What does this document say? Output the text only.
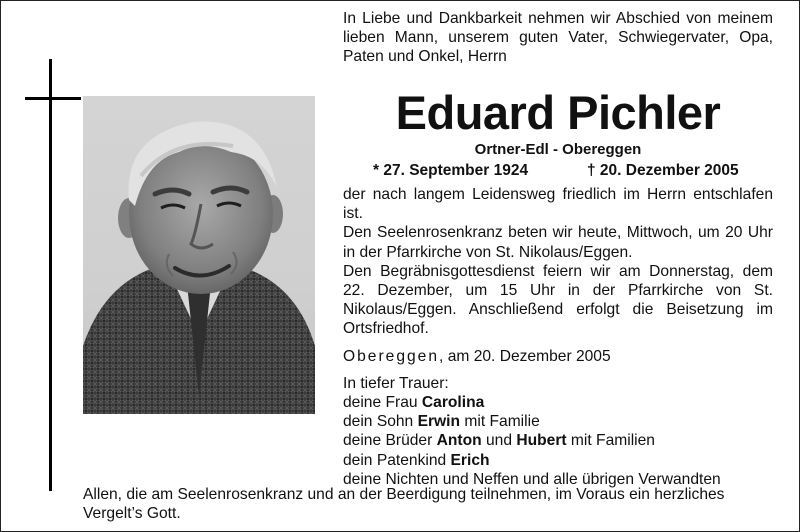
In Liebe und Dankbarkeit nehmen wir Abschied von meinem lieben Mann, unserem guten Vater, Schwiegervater, Opa, Paten und Onkel, Herrn

Eduard Pichler
Ortner-Edl - Obereggen
* 27. September 1924	† 20. Dezember 2005

der nach langem Leidensweg friedlich im Herrn entschlafen ist.

Den Seelenrosenkranz beten wir heute, Mittwoch, um 20 Uhr in der Pfarrkirche von St. Nikolaus/Eggen.

Den Begräbnisgottesdienst feiern wir am Donnerstag, dem 22. Dezember, um 15 Uhr in der Pfarrkirche von St. Nikolaus/Eggen. Anschließend erfolgt die Beisetzung im Ortsfriedhof.

Obereggen, am 20. Dezember 2005

In tiefer Trauer:

deine Frau Carolina

dein Sohn Erwin mit Familie

deine Brüder Anton und Hubert mit Familien

dein Patenkind Erich

deine Nichten und Neffen und alle übrigen Verwandten

Allen, die am Seelenrosenkranz und an der Beerdigung teilnehmen, im Voraus ein herzliches Vergelt’s Gott.
